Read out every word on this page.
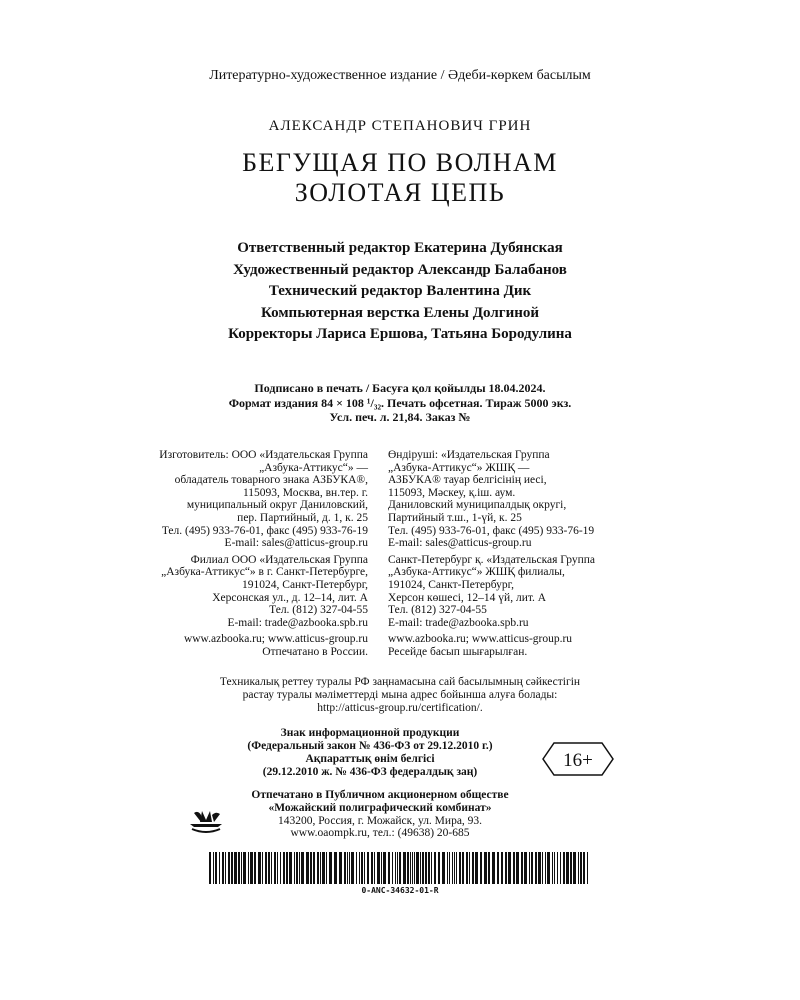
Литературно-художественное издание / Әдеби-көркем басылым
АЛЕКСАНДР СТЕПАНОВИЧ ГРИН
БЕГУЩАЯ ПО ВОЛНАМ
ЗОЛОТАЯ ЦЕПЬ
Ответственный редактор Екатерина Дубянская
Художественный редактор Александр Балабанов
Технический редактор Валентина Дик
Компьютерная верстка Елены Долгиной
Корректоры Лариса Ершова, Татьяна Бородулина
Подписано в печать / Басуға қол қойылды 18.04.2024.
Формат издания 84 × 108 ¹/₃₂. Печать офсетная. Тираж 5000 экз.
Усл. печ. л. 21,84. Заказ №
Изготовитель: ООО «Издательская Группа
„Азбука-Аттикус“» —
обладатель товарного знака АЗБУКА®,
115093, Москва, вн.тер. г.
муниципальный округ Даниловский,
пер. Партийный, д. 1, к. 25
Тел. (495) 933-76-01, факс (495) 933-76-19
E-mail: sales@atticus-group.ru
Филиал ООО «Издательская Группа
„Азбука-Аттикус“» в г. Санкт-Петербурге,
191024, Санкт-Петербург,
Херсонская ул., д. 12–14, лит. А
Тел. (812) 327-04-55
E-mail: trade@azbooka.spb.ru
www.azbooka.ru; www.atticus-group.ru
Отпечатано в России.
Өндіруші: «Издательская Группа
„Азбука-Аттикус“» ЖШҚ —
АЗБУКА® тауар белгісінің иесі,
115093, Мәскеу, қ.іш. аум.
Даниловский муниципалдық округі,
Партийный т.ш., 1-үй, к. 25
Тел. (495) 933-76-01, факс (495) 933-76-19
E-mail: sales@atticus-group.ru
Санкт-Петербург қ. «Издательская Группа
„Азбука-Аттикус“» ЖШҚ филиалы,
191024, Санкт-Петербург,
Херсон көшесі, 12–14 үй, лит. А
Тел. (812) 327-04-55
E-mail: trade@azbooka.spb.ru
www.azbooka.ru; www.atticus-group.ru
Ресейде басып шығарылған.
Техникалық реттеу туралы РФ заңнамасына сай басылымның сәйкестігін
растау туралы мәліметтерді мына адрес бойынша алуға болады:
http://atticus-group.ru/certification/.
Знак информационной продукции
(Федеральный закон № 436-ФЗ от 29.12.2010 г.)
Ақпараттық өнім белгісі
(29.12.2010 ж. № 436-ФЗ федералдық заң)
16+
Отпечатано в Публичном акционерном обществе
«Можайский полиграфический комбинат»
143200, Россия, г. Можайск, ул. Мира, 93.
www.oaompk.ru, тел.: (49638) 20-685
0-ANC-34632-01-R
